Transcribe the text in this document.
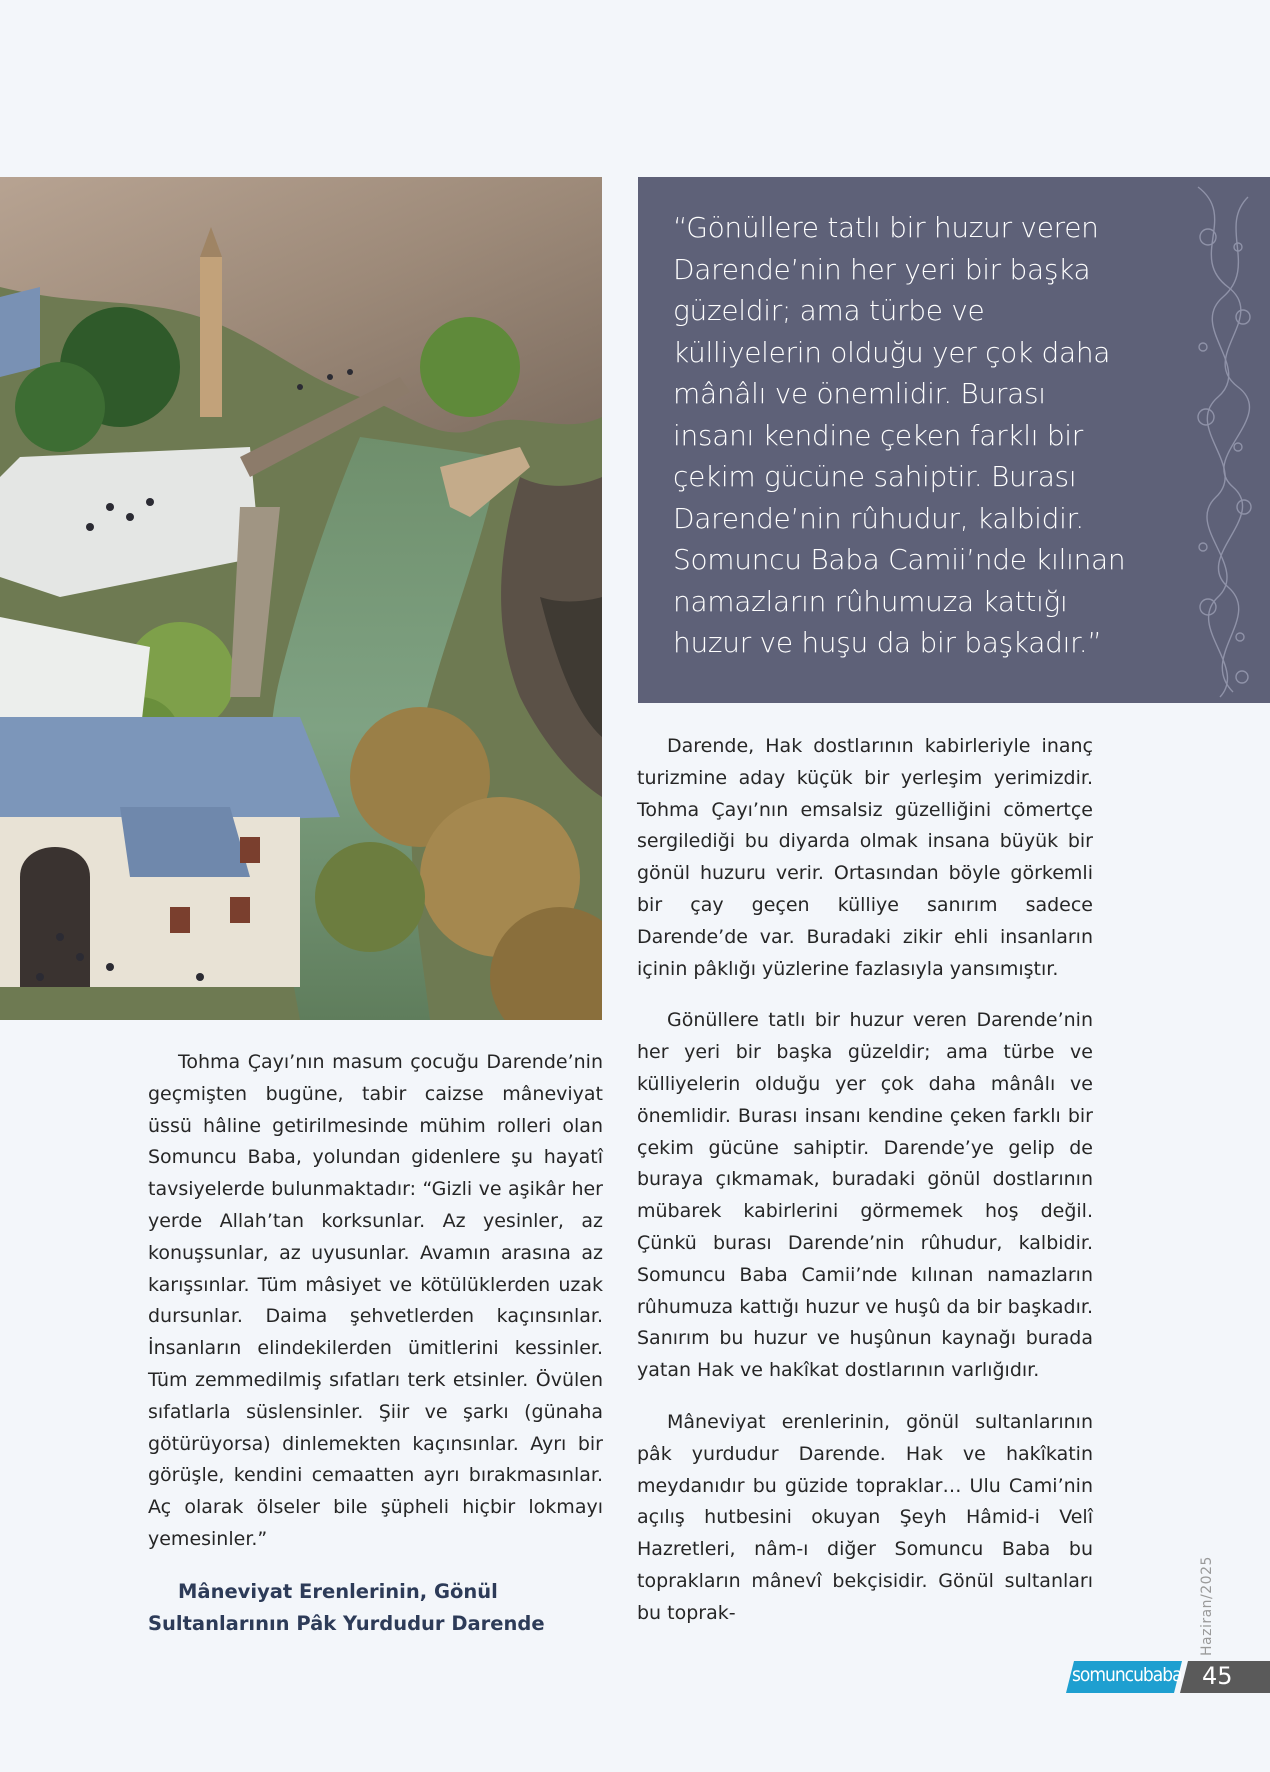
“Gönüllere tatlı bir huzur veren Darende’nin her yeri bir başka güzeldir; ama türbe ve külliyelerin olduğu yer çok daha mânâlı ve önemlidir. Burası insanı kendine çeken farklı bir çekim gücüne sahiptir. Burası Darende’nin rûhudur, kalbidir. Somuncu Baba Camii’nde kılınan namazların rûhumuza kattığı huzur ve huşu da bir başkadır.”

Tohma Çayı’nın masum çocuğu Darende’nin geçmişten bugüne, tabir caizse mâneviyat üssü hâline getirilmesinde mühim rolleri olan Somuncu Baba, yolundan gidenlere şu hayatî tavsiyelerde bulunmaktadır: “Gizli ve aşikâr her yerde Allah’tan korksunlar. Az yesinler, az konuşsunlar, az uyusunlar. Avamın arasına az karışsınlar. Tüm mâsiyet ve kötülüklerden uzak dursunlar. Daima şehvetlerden kaçınsınlar. İnsanların elindekilerden ümitlerini kessinler. Tüm zemmedilmiş sıfatları terk etsinler. Övülen sıfatlarla süslensinler. Şiir ve şarkı (günaha götürüyorsa) dinlemekten kaçınsınlar. Ayrı bir görüşle, kendini cemaatten ayrı bırakmasınlar. Aç olarak ölseler bile şüpheli hiçbir lokmayı yemesinler.”

Mâneviyat Erenlerinin, Gönül Sultanlarının Pâk Yurdudur Darende

Darende, Hak dostlarının kabirleriyle inanç turizmine aday küçük bir yerleşim yerimizdir. Tohma Çayı’nın emsalsiz güzelliğini cömertçe sergilediği bu diyarda olmak insana büyük bir gönül huzuru verir. Ortasından böyle görkemli bir çay geçen külliye sanırım sadece Darende’de var. Buradaki zikir ehli insanların içinin pâklığı yüzlerine fazlasıyla yansımıştır.

Gönüllere tatlı bir huzur veren Darende’nin her yeri bir başka güzeldir; ama türbe ve külliyelerin olduğu yer çok daha mânâlı ve önemlidir. Burası insanı kendine çeken farklı bir çekim gücüne sahiptir. Darende’ye gelip de buraya çıkmamak, buradaki gönül dostlarının mübarek kabirlerini görmemek hoş değil. Çünkü burası Darende’nin rûhudur, kalbidir. Somuncu Baba Camii’nde kılınan namazların rûhumuza kattığı huzur ve huşû da bir başkadır. Sanırım bu huzur ve huşûnun kaynağı burada yatan Hak ve hakîkat dostlarının varlığıdır.

Mâneviyat erenlerinin, gönül sultanlarının pâk yurdudur Darende. Hak ve hakîkatin meydanıdır bu güzide topraklar… Ulu Cami’nin açılış hutbesini okuyan Şeyh Hâmid-i Velî Hazretleri, nâm-ı diğer Somuncu Baba bu toprakların mânevî bekçisidir. Gönül sultanları bu toprak-	Haziran/2025
somuncubaba 45
